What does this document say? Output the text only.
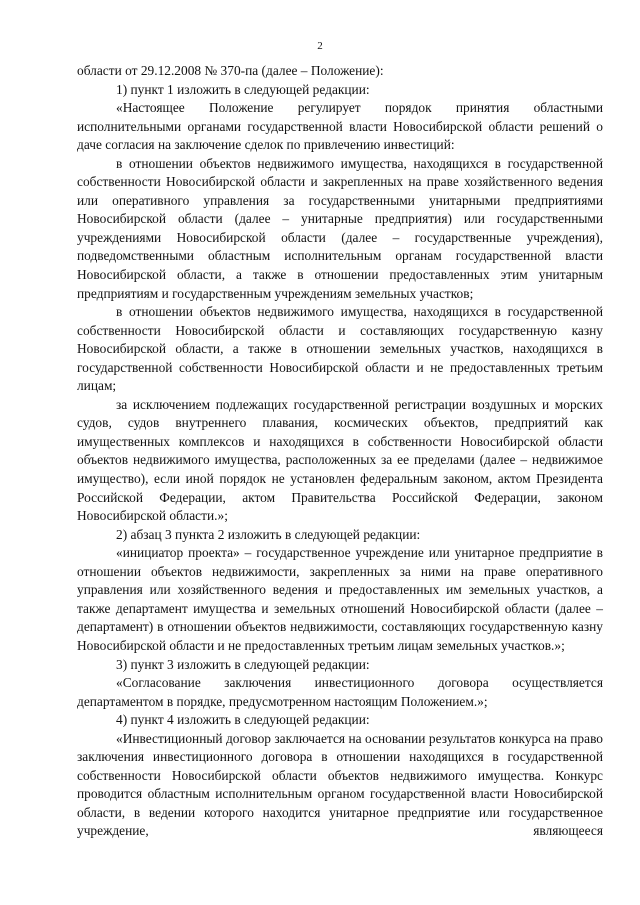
2

области от 29.12.2008 № 370-па (далее – Положение):

1) пункт 1 изложить в следующей редакции:

«Настоящее Положение регулирует порядок принятия областными исполнительными органами государственной власти Новосибирской области решений о даче согласия на заключение сделок по привлечению инвестиций:

в отношении объектов недвижимого имущества, находящихся в государственной собственности Новосибирской области и закрепленных на праве хозяйственного ведения или оперативного управления за государственными унитарными предприятиями Новосибирской области (далее – унитарные предприятия) или государственными учреждениями Новосибирской области (далее – государственные учреждения), подведомственными областным исполнительным органам государственной власти Новосибирской области, а также в отношении предоставленных этим унитарным предприятиям и государственным учреждениям земельных участков;

в отношении объектов недвижимого имущества, находящихся в государственной собственности Новосибирской области и составляющих государственную казну Новосибирской области, а также в отношении земельных участков, находящихся в государственной собственности Новосибирской области и не предоставленных третьим лицам;

за исключением подлежащих государственной регистрации воздушных и морских судов, судов внутреннего плавания, космических объектов, предприятий как имущественных комплексов и находящихся в собственности Новосибирской области объектов недвижимого имущества, расположенных за ее пределами (далее – недвижимое имущество), если иной порядок не установлен федеральным законом, актом Президента Российской Федерации, актом Правительства Российской Федерации, законом Новосибирской области.»;

2) абзац 3 пункта 2 изложить в следующей редакции:

«инициатор проекта» – государственное учреждение или унитарное предприятие в отношении объектов недвижимости, закрепленных за ними на праве оперативного управления или хозяйственного ведения и предоставленных им земельных участков, а также департамент имущества и земельных отношений Новосибирской области (далее – департамент) в отношении объектов недвижимости, составляющих государственную казну Новосибирской области и не предоставленных третьим лицам земельных участков.»;

3) пункт 3 изложить в следующей редакции:

«Согласование заключения инвестиционного договора осуществляется департаментом в порядке, предусмотренном настоящим Положением.»;

4) пункт 4 изложить в следующей редакции:

«Инвестиционный договор заключается на основании результатов конкурса на право заключения инвестиционного договора в отношении находящихся в государственной собственности Новосибирской области объектов недвижимого имущества. Конкурс проводится областным исполнительным органом государственной власти Новосибирской области, в ведении которого находится унитарное предприятие или государственное учреждение, являющееся
